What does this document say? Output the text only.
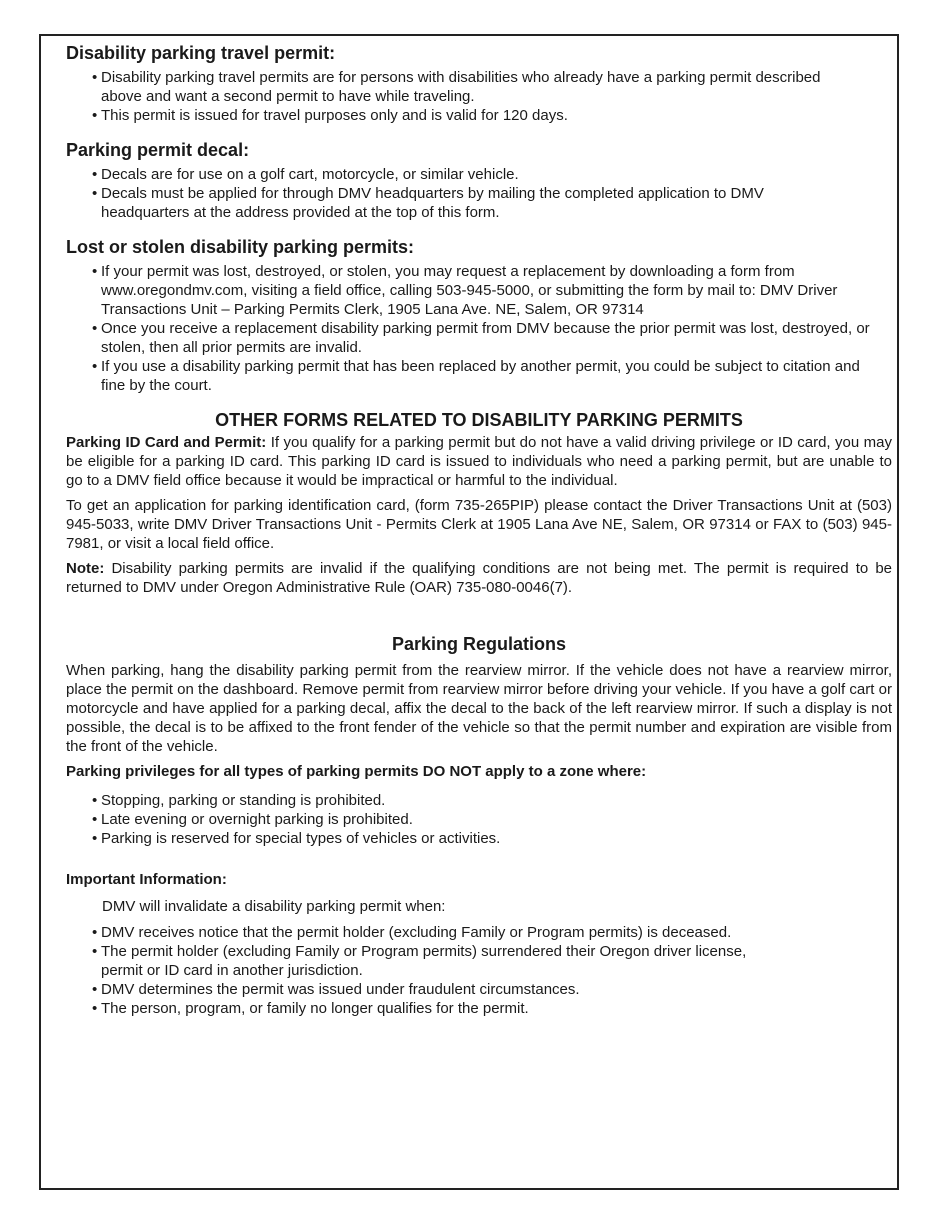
Disability parking travel permit:
• Disability parking travel permits are for persons with disabilities who already have a parking permit described above and want a second permit to have while traveling.
• This permit is issued for travel purposes only and is valid for 120 days.
Parking permit decal:
• Decals are for use on a golf cart, motorcycle, or similar vehicle.
• Decals must be applied for through DMV headquarters by mailing the completed application to DMV headquarters at the address provided at the top of this form.
Lost or stolen disability parking permits:
• If your permit was lost, destroyed, or stolen, you may request a replacement by downloading a form from www.oregondmv.com, visiting a field office, calling 503-945-5000, or submitting the form by mail to: DMV Driver Transactions Unit – Parking Permits Clerk, 1905 Lana Ave. NE, Salem, OR 97314
• Once you receive a replacement disability parking permit from DMV because the prior permit was lost, destroyed, or stolen, then all prior permits are invalid.
• If you use a disability parking permit that has been replaced by another permit, you could be subject to citation and fine by the court.
OTHER FORMS RELATED TO DISABILITY PARKING PERMITS

Parking ID Card and Permit: If you qualify for a parking permit but do not have a valid driving privilege or ID card, you may be eligible for a parking ID card. This parking ID card is issued to individuals who need a parking permit, but are unable to go to a DMV field office because it would be impractical or harmful to the individual.

To get an application for parking identification card, (form 735-265PIP) please contact the Driver Transactions Unit at (503) 945-5033, write DMV Driver Transactions Unit - Permits Clerk at 1905 Lana Ave NE, Salem, OR 97314 or FAX to (503) 945-7981, or visit a local field office.

Note: Disability parking permits are invalid if the qualifying conditions are not being met. The permit is required to be returned to DMV under Oregon Administrative Rule (OAR) 735-080-0046(7).

Parking Regulations

When parking, hang the disability parking permit from the rearview mirror. If the vehicle does not have a rearview mirror, place the permit on the dashboard. Remove permit from rearview mirror before driving your vehicle. If you have a golf cart or motorcycle and have applied for a parking decal, affix the decal to the back of the left rearview mirror. If such a display is not possible, the decal is to be affixed to the front fender of the vehicle so that the permit number and expiration are visible from the front of the vehicle.

Parking privileges for all types of parking permits DO NOT apply to a zone where:

• Stopping, parking or standing is prohibited.
• Late evening or overnight parking is prohibited.
• Parking is reserved for special types of vehicles or activities.
Important Information:

DMV will invalidate a disability parking permit when:

• DMV receives notice that the permit holder (excluding Family or Program permits) is deceased.
• The permit holder (excluding Family or Program permits) surrendered their Oregon driver license, permit or ID card in another jurisdiction.
• DMV determines the permit was issued under fraudulent circumstances.
• The person, program, or family no longer qualifies for the permit.
